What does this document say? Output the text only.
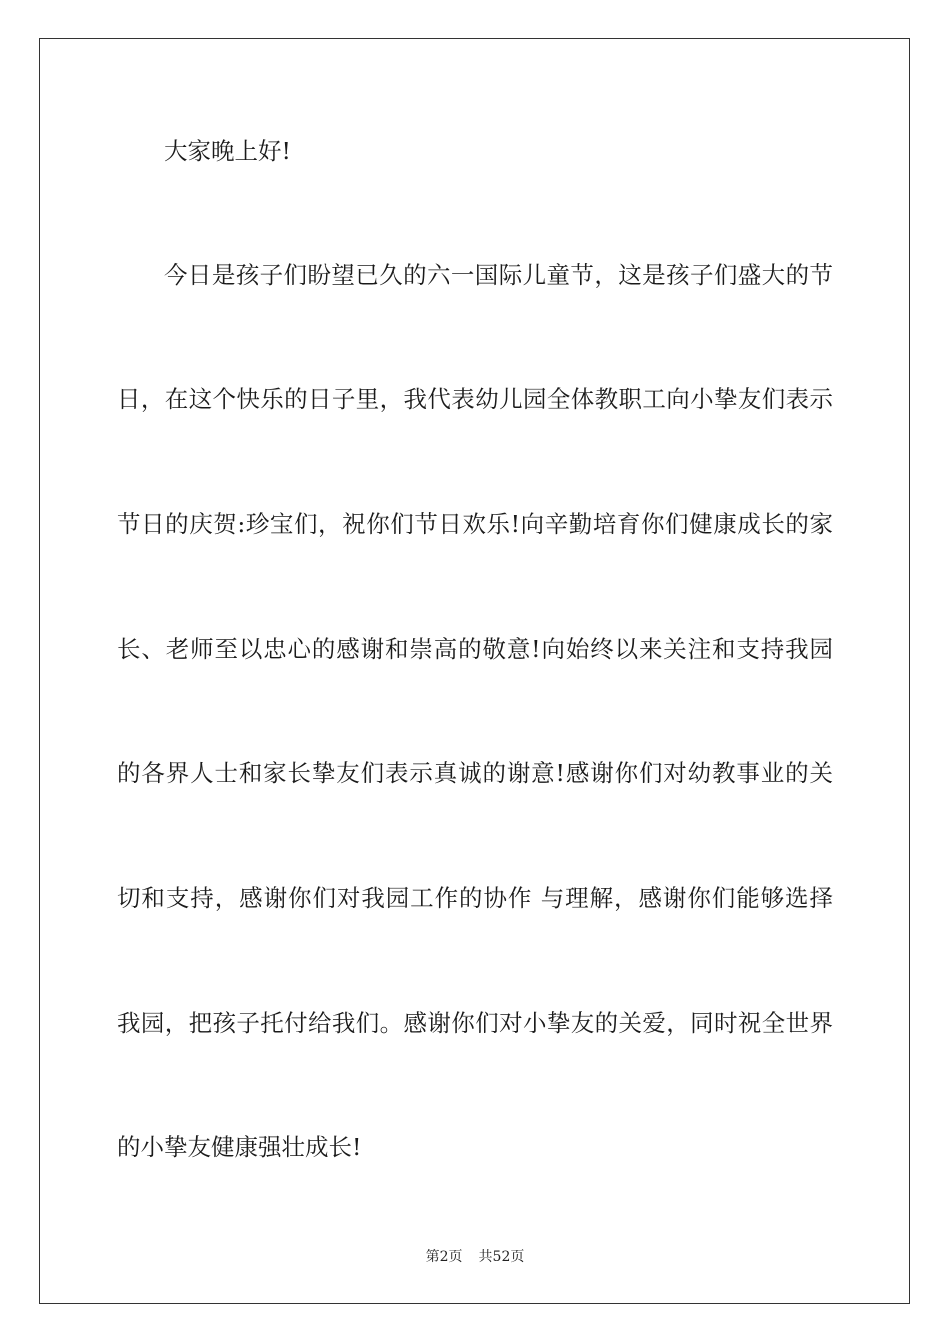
大家晚上好!
今日是孩子们盼望已久的六一国际儿童节，这是孩子们盛大的节
日，在这个快乐的日子里，我代表幼儿园全体教职工向小挚友们表示
节日的庆贺:珍宝们，祝你们节日欢乐!向辛勤培育你们健康成长的家
长、老师至以忠心的感谢和崇高的敬意!向始终以来关注和支持我园
的各界人士和家长挚友们表示真诚的谢意!感谢你们对幼教事业的关
切和支持，感谢你们对我园工作的协作 与理解，感谢你们能够选择
我园，把孩子托付给我们。感谢你们对小挚友的关爱，同时祝全世界
的小挚友健康强壮成长!
第2页 共52页
